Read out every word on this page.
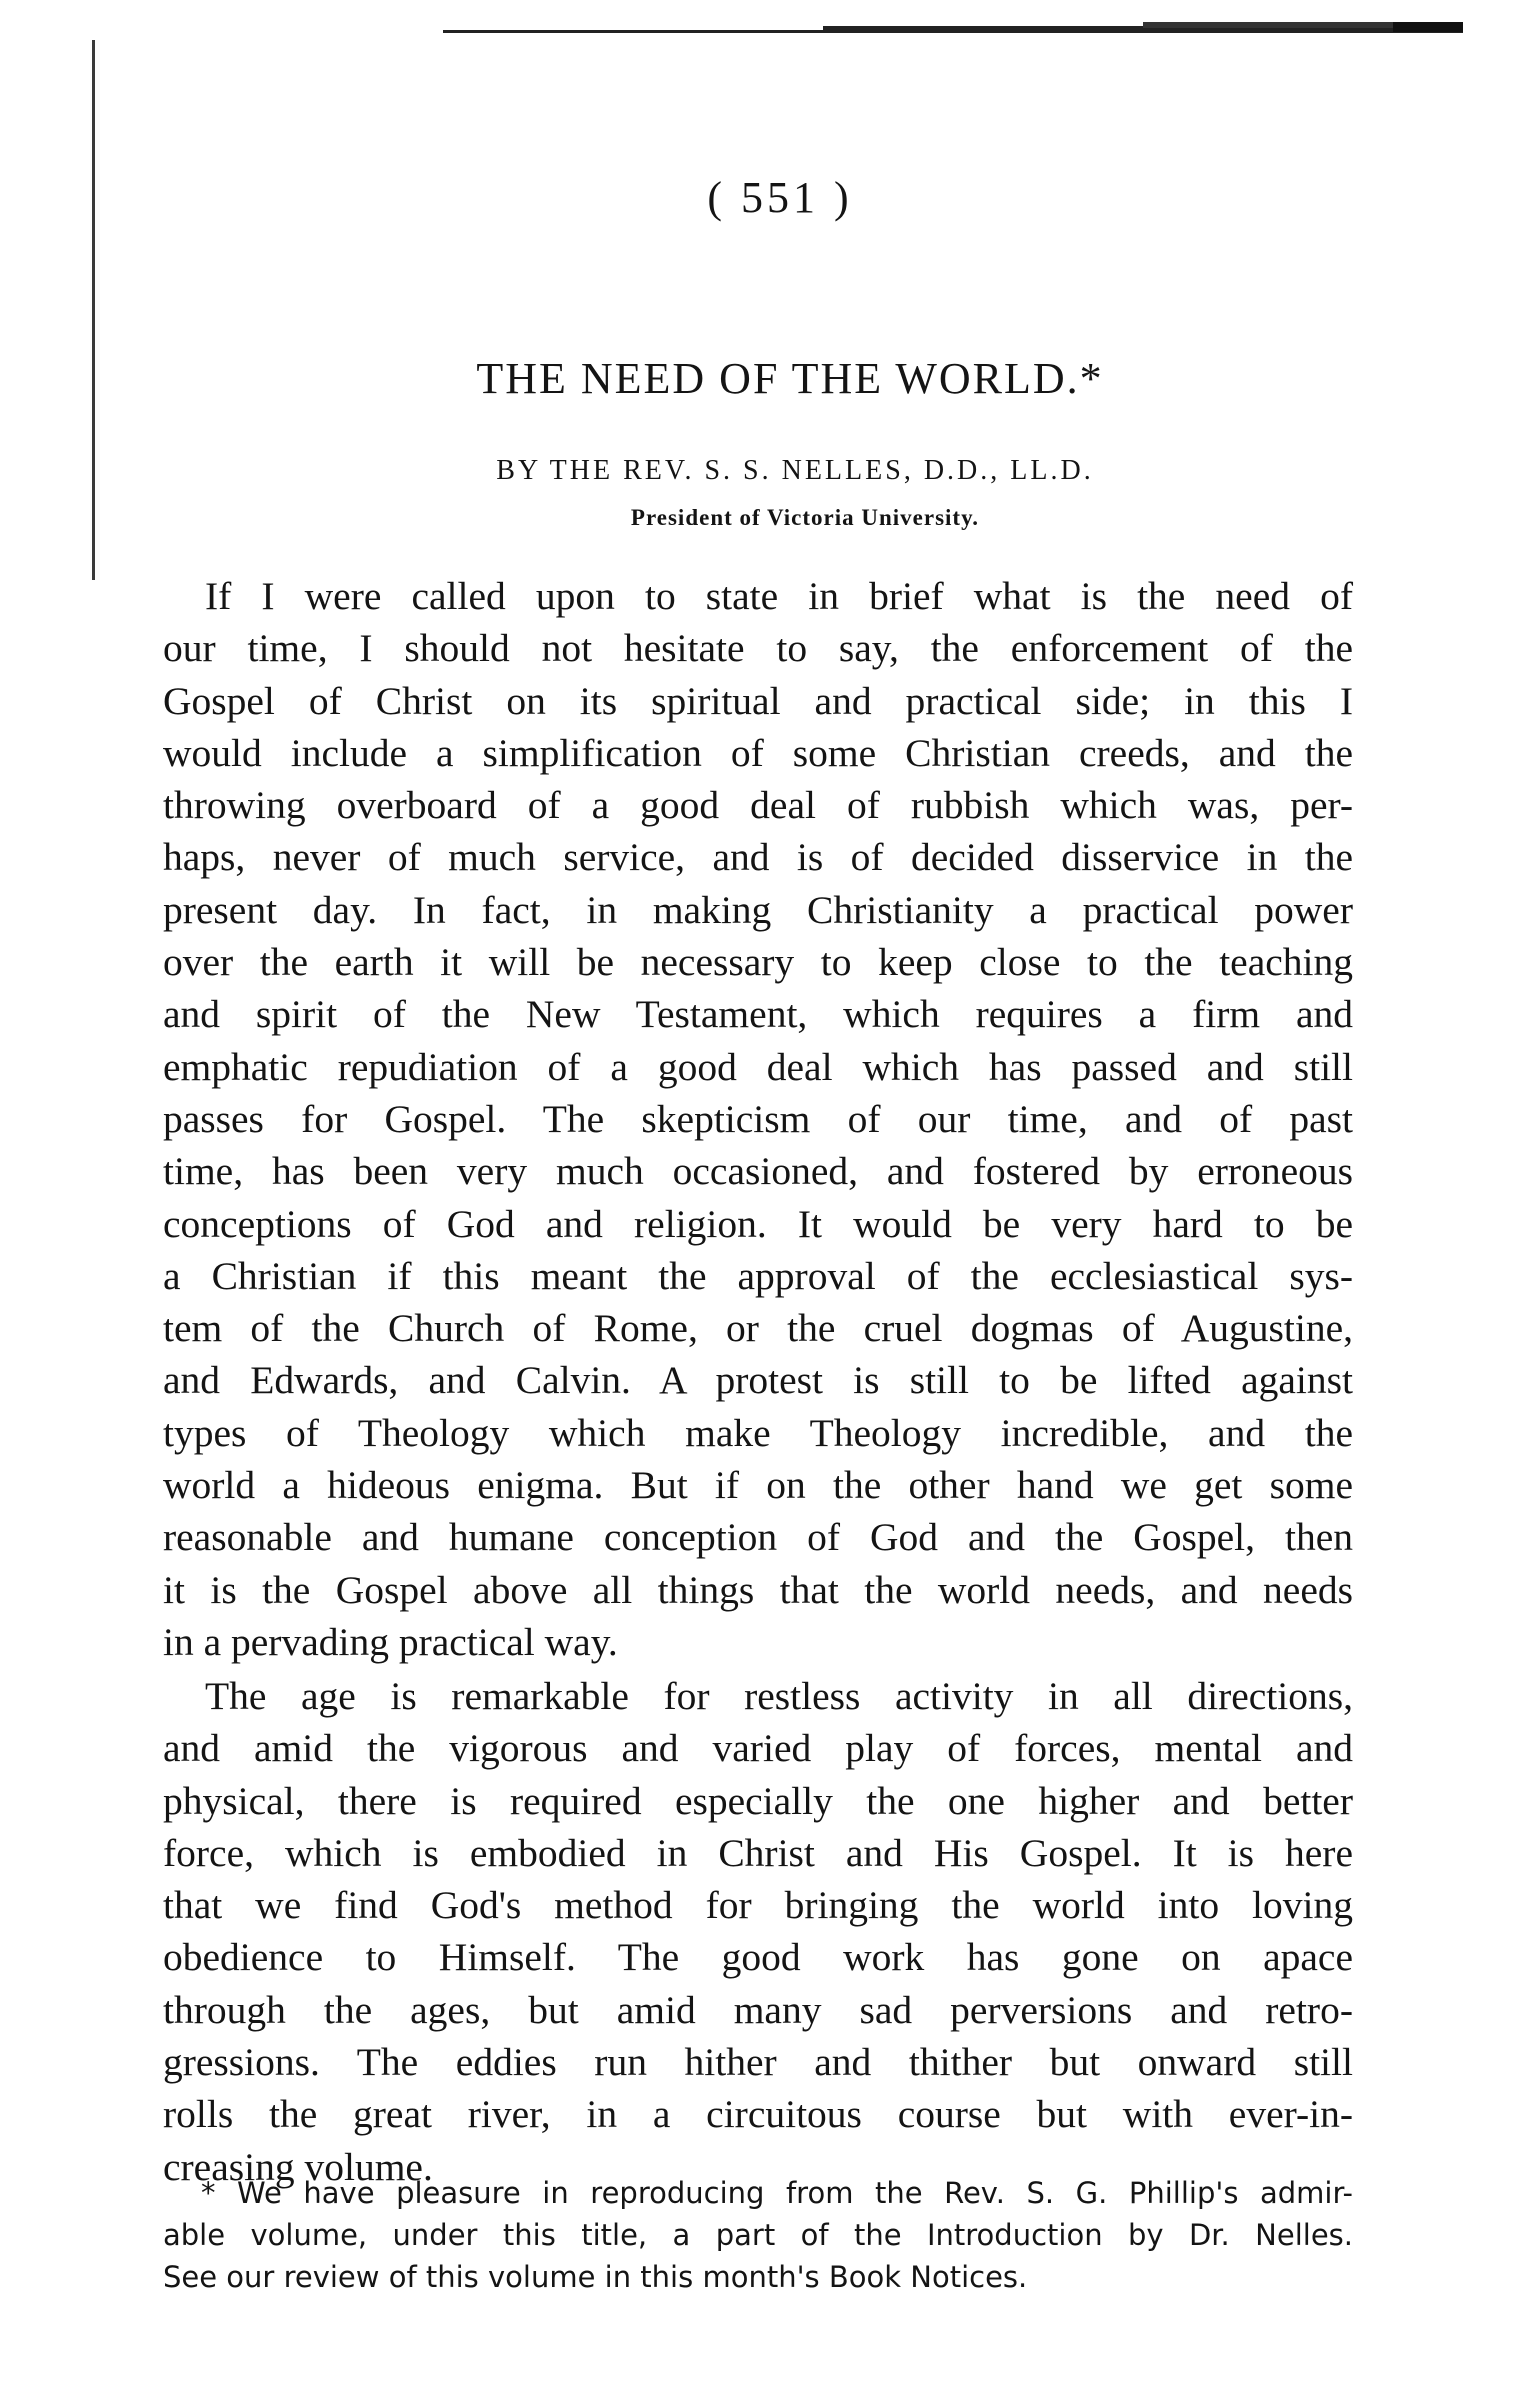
( 551 )
THE NEED OF THE WORLD.*
BY THE REV. S. S. NELLES, D.D., LL.D.
President of Victoria University.
If I were called upon to state in brief what is the need of
our time, I should not hesitate to say, the enforcement of the
Gospel of Christ on its spiritual and practical side; in this I
would include a simplification of some Christian creeds, and the
throwing overboard of a good deal of rubbish which was, per-
haps, never of much service, and is of decided disservice in the
present day. In fact, in making Christianity a practical power
over the earth it will be necessary to keep close to the teaching
and spirit of the New Testament, which requires a firm and
emphatic repudiation of a good deal which has passed and still
passes for Gospel. The skepticism of our time, and of past
time, has been very much occasioned, and fostered by erroneous
conceptions of God and religion. It would be very hard to be
a Christian if this meant the approval of the ecclesiastical sys-
tem of the Church of Rome, or the cruel dogmas of Augustine,
and Edwards, and Calvin. A protest is still to be lifted against
types of Theology which make Theology incredible, and the
world a hideous enigma. But if on the other hand we get some
reasonable and humane conception of God and the Gospel, then
it is the Gospel above all things that the world needs, and needs
in a pervading practical way.
The age is remarkable for restless activity in all directions,
and amid the vigorous and varied play of forces, mental and
physical, there is required especially the one higher and better
force, which is embodied in Christ and His Gospel. It is here
that we find God's method for bringing the world into loving
obedience to Himself. The good work has gone on apace
through the ages, but amid many sad perversions and retro-
gressions. The eddies run hither and thither but onward still
rolls the great river, in a circuitous course but with ever-in-
creasing volume.
* We have pleasure in reproducing from the Rev. S. G. Phillip's admir-
able volume, under this title, a part of the Introduction by Dr. Nelles.
See our review of this volume in this month's Book Notices.
